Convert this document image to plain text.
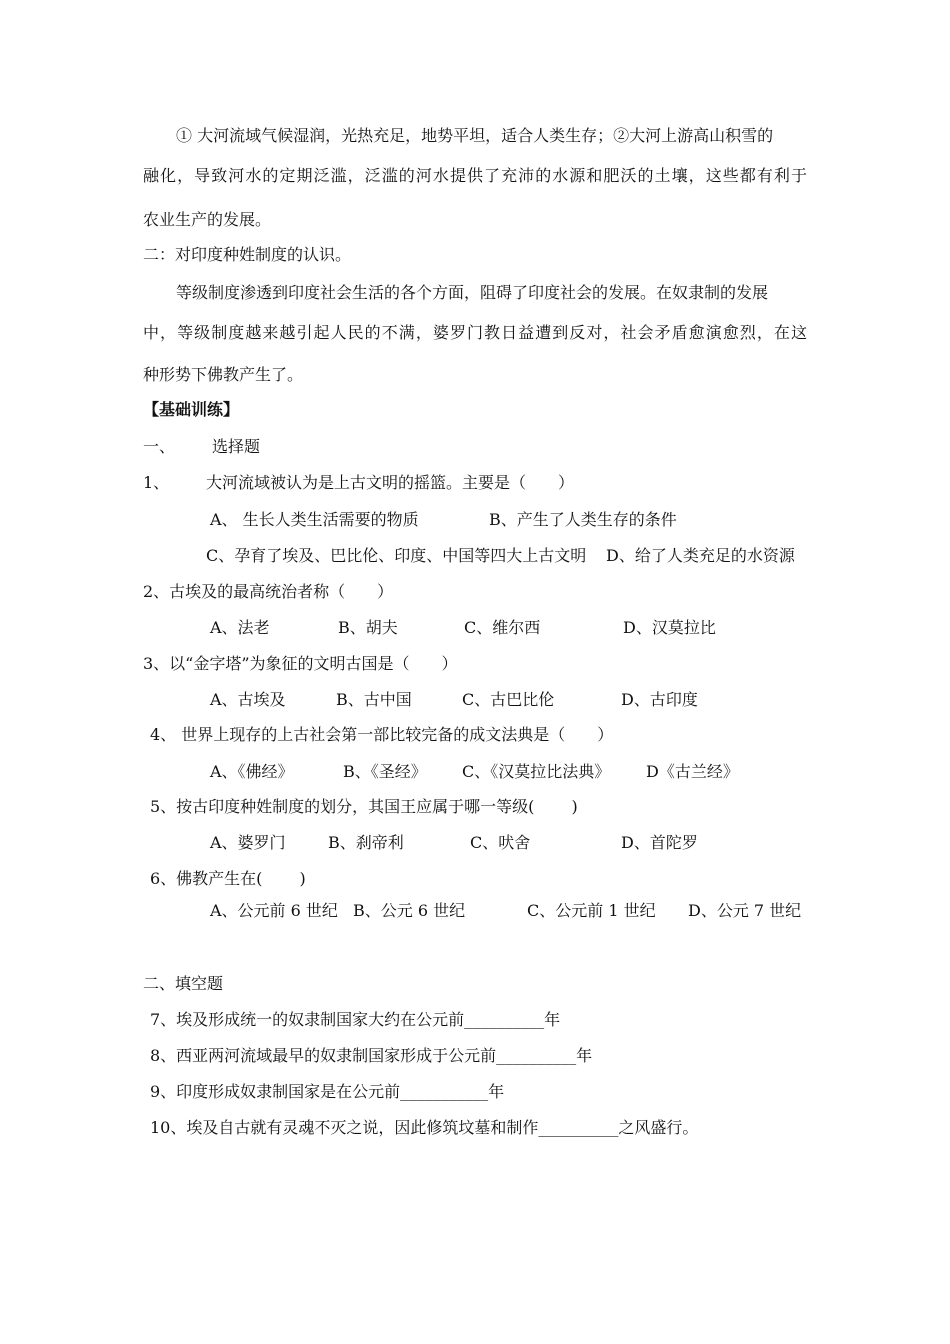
① 大河流域气候湿润，光热充足，地势平坦，适合人类生存；②大河上游高山积雪的
融化，导致河水的定期泛滥，泛滥的河水提供了充沛的水源和肥沃的土壤，这些都有利于
农业生产的发展。
二：对印度种姓制度的认识。
等级制度渗透到印度社会生活的各个方面，阻碍了印度社会的发展。在奴隶制的发展
中，等级制度越来越引起人民的不满，婆罗门教日益遭到反对，社会矛盾愈演愈烈，在这
种形势下佛教产生了。
【基础训练】
一、 选择题
1、 大河流域被认为是上古文明的摇篮。主要是（　　）
A、 生长人类生活需要的物质	B、产生了人类生存的条件
C、孕育了埃及、巴比伦、印度、中国等四大上古文明 D、给了人类充足的水资源
2、古埃及的最高统治者称（　　）
A、法老	B、胡夫	C、维尔西	D、汉莫拉比
3、以“金字塔”为象征的文明古国是（　　）
A、古埃及	B、古中国	C、古巴比伦	D、古印度
4、 世界上现存的上古社会第一部比较完备的成文法典是（　　）
A、《佛经》	B、《圣经》 C、《汉莫拉比法典》 D《古兰经》
5、按古印度种姓制度的划分，其国王应属于哪一等级(　　 )
A、婆罗门	B、刹帝利	C、吠舍	D、首陀罗
6、佛教产生在(　　 )
A、公元前 6 世纪 B、公元 6 世纪	C、公元前 1 世纪 D、公元 7 世纪
二、填空题
7、埃及形成统一的奴隶制国家大约在公元前__________年
8、西亚两河流域最早的奴隶制国家形成于公元前__________年
9、印度形成奴隶制国家是在公元前___________年
10、埃及自古就有灵魂不灭之说，因此修筑坟墓和制作__________之风盛行。
